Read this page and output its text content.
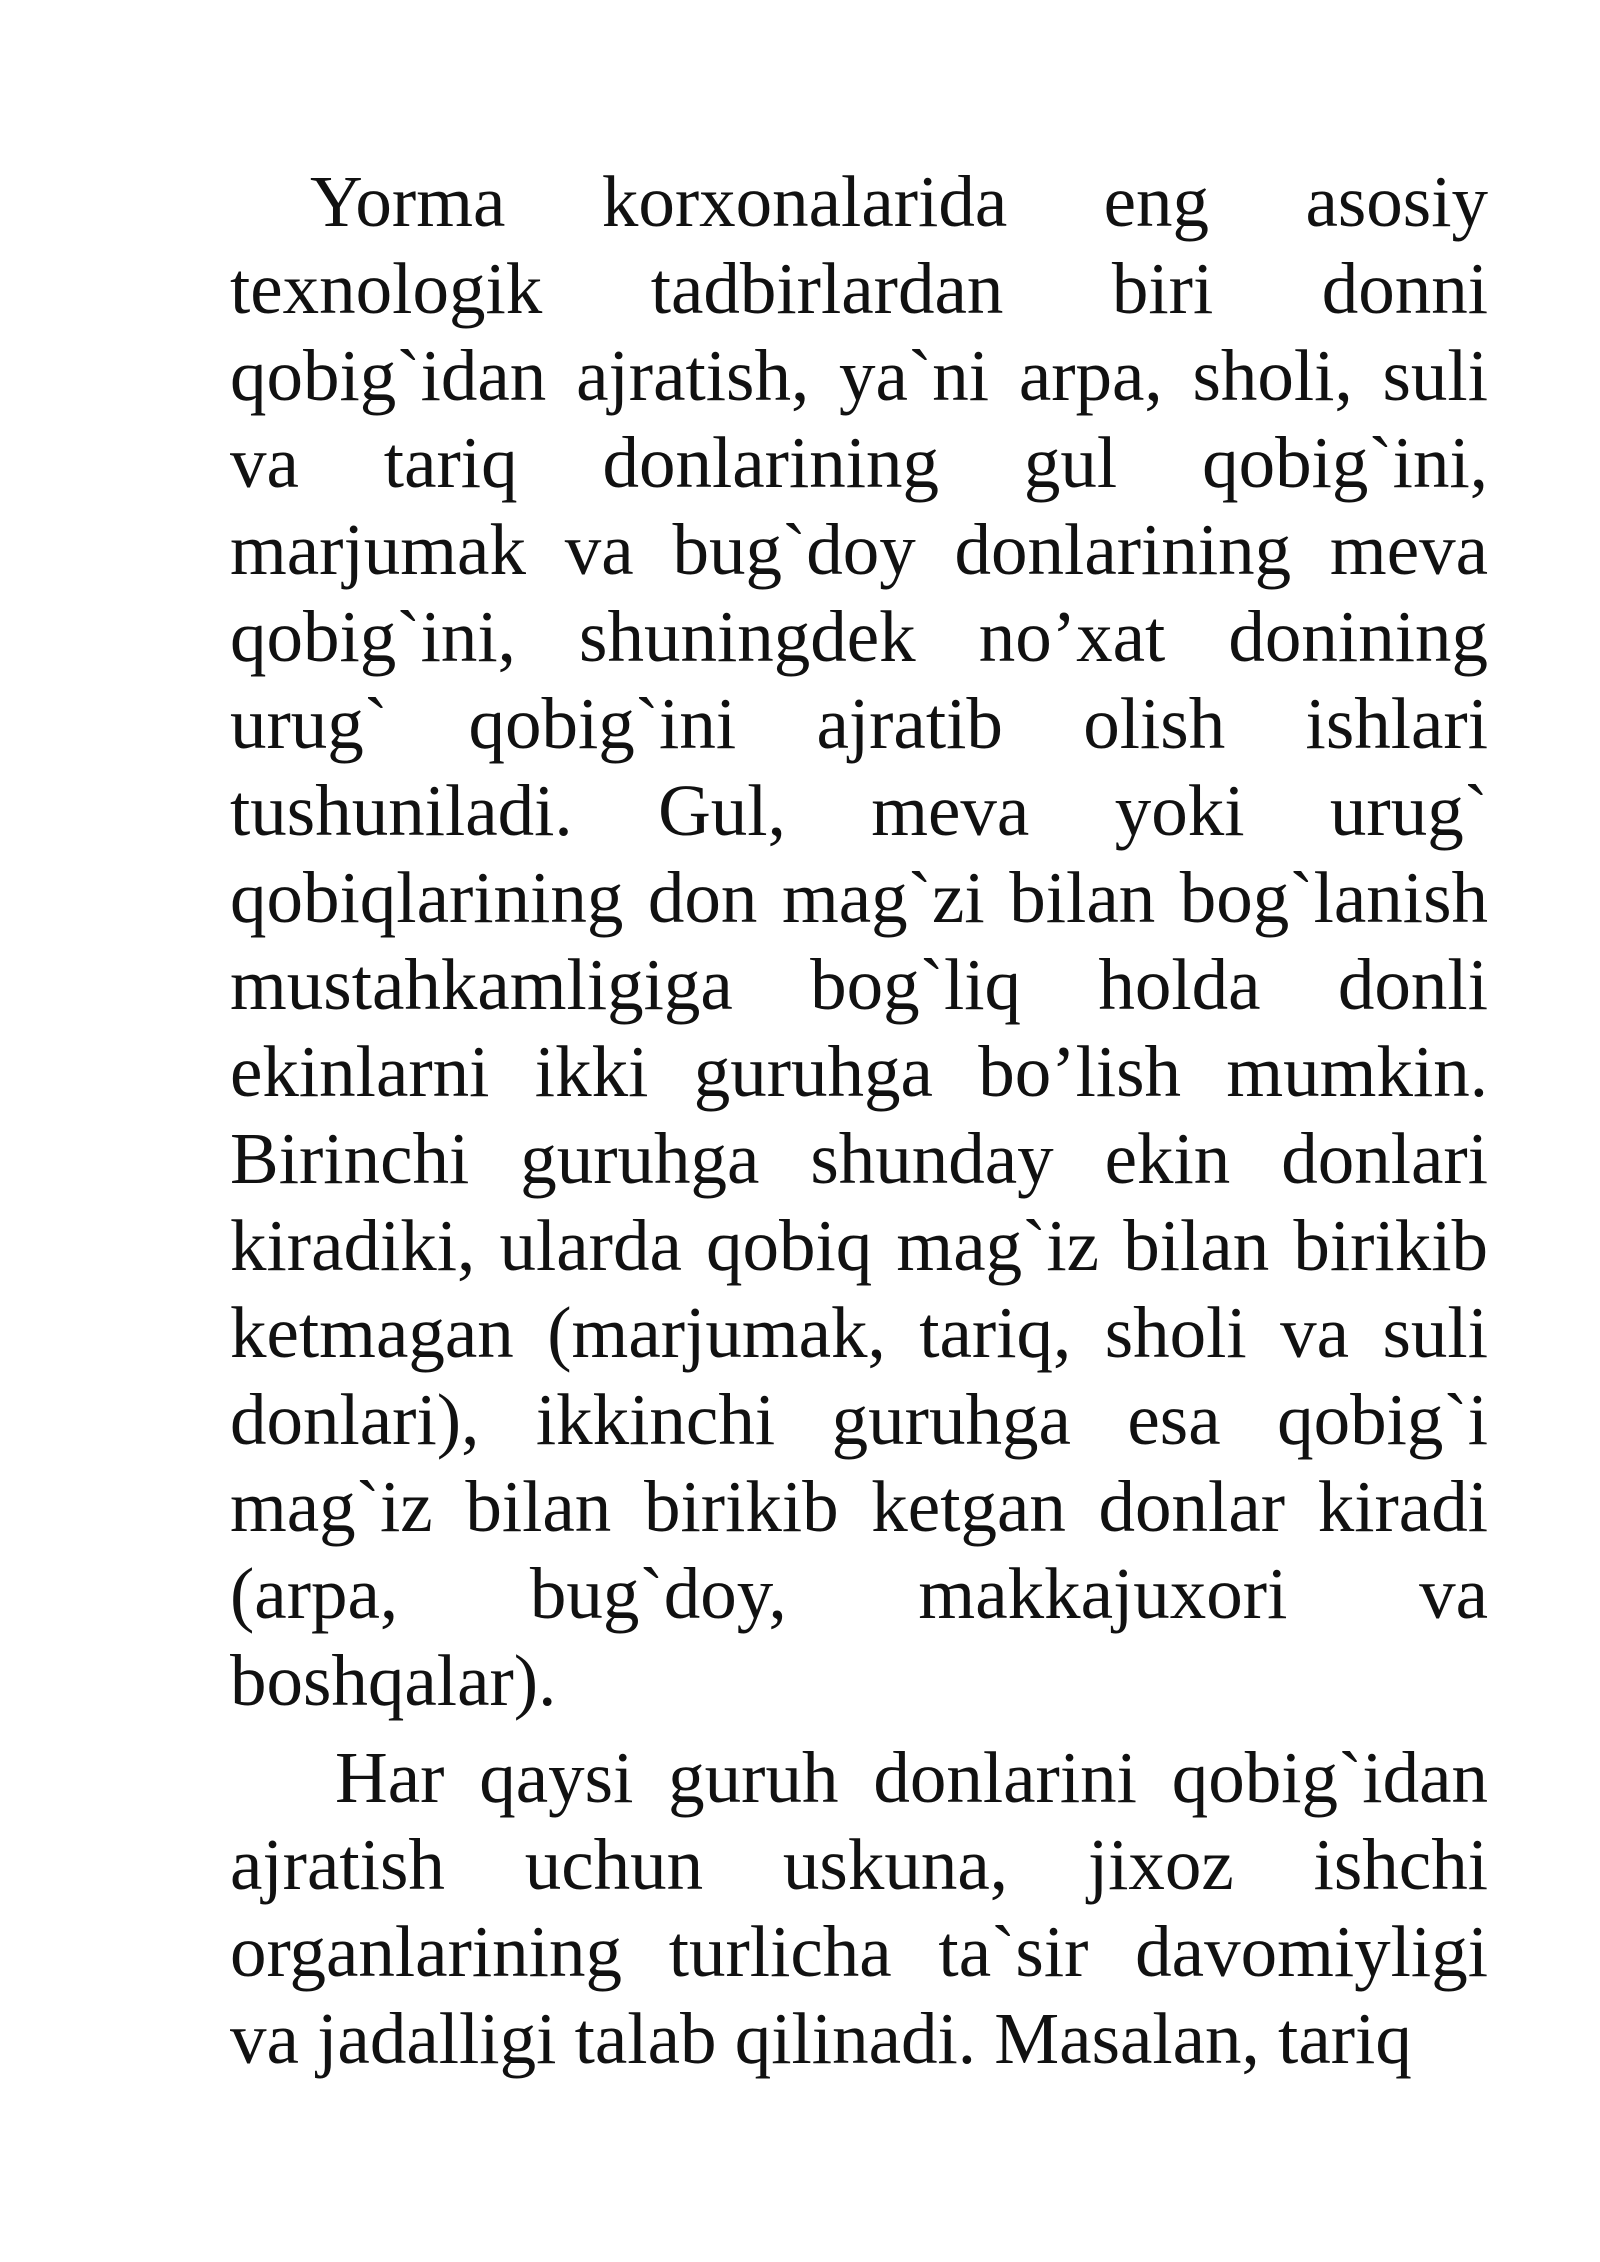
Yorma korxonalarida eng asosiy texnologik tadbirlardan biri donni qobig`idan ajratish, ya`ni arpa, sholi, suli va tariq donlarining gul qobig`ini, marjumak va bug`doy donlarining meva qobig`ini, shuningdek no’xat donining urug` qobig`ini ajratib olish ishlari tushuniladi. Gul, meva yoki urug` qobiqlarining don mag`zi bilan bog`lanish mustahkamligiga bog`liq holda donli ekinlarni ikki guruhga bo’lish mumkin. Birinchi guruhga shunday ekin donlari kiradiki, ularda qobiq mag`iz bilan birikib ketmagan (marjumak, tariq, sholi va suli donlari), ikkinchi guruhga esa qobig`i mag`iz bilan birikib ketgan donlar kiradi (arpa, bug`doy, makkajuxori va boshqalar).

Har qaysi guruh donlarini qobig`idan ajratish uchun uskuna, jixoz ishchi organlarining turlicha ta`sir davomiyligi va jadalligi talab qilinadi. Masalan, tariq
